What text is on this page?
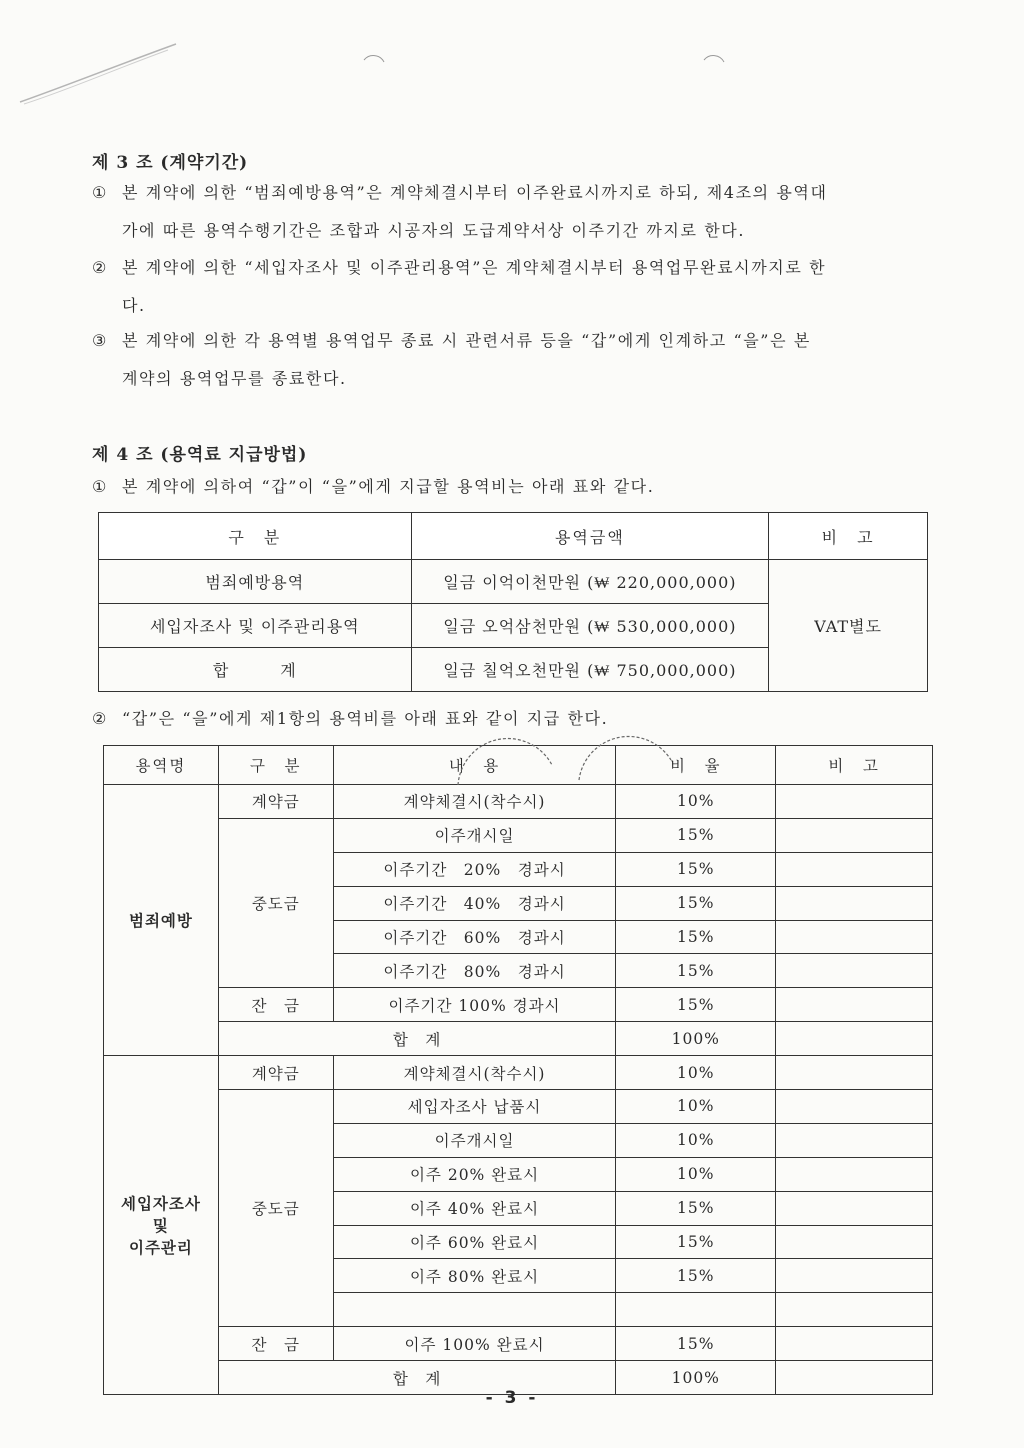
제 3 조 (계약기간)
① 본 계약에 의한 “범죄예방용역”은 계약체결시부터 이주완료시까지로 하되, 제4조의 용역대
가에 따른 용역수행기간은 조합과 시공자의 도급계약서상 이주기간 까지로 한다.
② 본 계약에 의한 “세입자조사 및 이주관리용역”은 계약체결시부터 용역업무완료시까지로 한
다.
③ 본 계약에 의한 각 용역별 용역업무 종료 시 관련서류 등을 “갑”에게 인계하고 “을”은 본
계약의 용역업무를 종료한다.
제 4 조 (용역료 지급방법)
① 본 계약에 의하여 “갑”이 “을”에게 지급할 용역비는 아래 표와 같다.
구　분	용역금액	비　고
범죄예방용역	일금 이억이천만원 (₩ 220,000,000)	VAT별도
세입자조사 및 이주관리용역	일금 오억삼천만원 (₩ 530,000,000)	
합　　　계	일금 칠억오천만원 (₩ 750,000,000)	
② “갑”은 “을”에게 제1항의 용역비를 아래 표와 같이 지급 한다.
용역명	구　분	내　용	비　율	비　고
범죄예방	계약금	계약체결시(착수시)	10%	
	중도금	이주개시일	15%	
		이주기간　20%　경과시	15%	
		이주기간　40%　경과시	15%	
		이주기간　60%　경과시	15%	
		이주기간　80%　경과시	15%	
	잔　금	이주기간 100% 경과시	15%	
	합　계		100%	
세입자조사
및
이주관리	계약금	계약체결시(착수시)	10%	
	중도금	세입자조사 납품시	10%	
		이주개시일	10%	
		이주 20% 완료시	10%	
		이주 40% 완료시	15%	
		이주 60% 완료시	15%	
		이주 80% 완료시	15%	

	잔　금	이주 100% 완료시	15%	
	합　계		100%	
- 3 -
